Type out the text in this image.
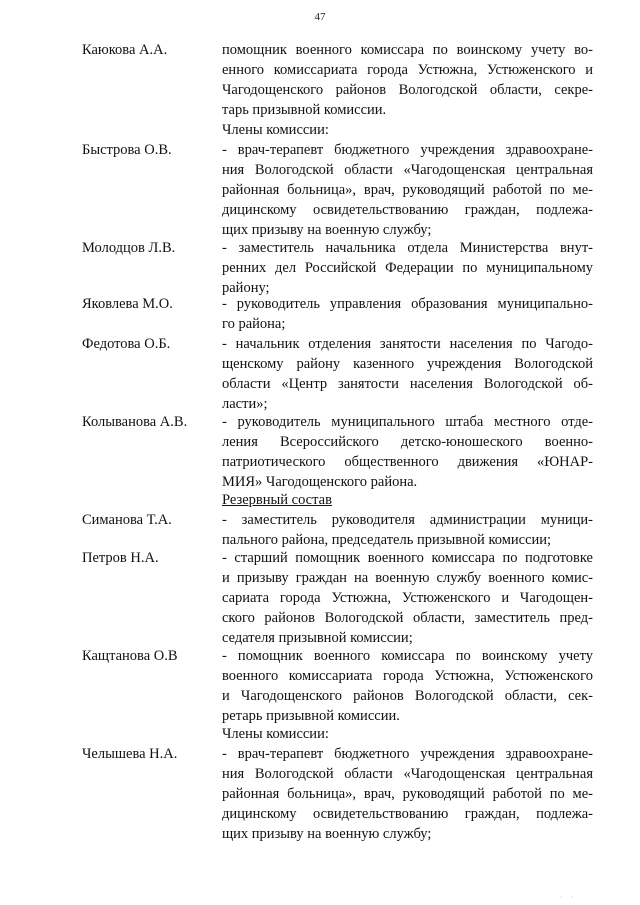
47
Каюкова А.А.	помощник военного комиссара по воинскому учету во-
енного комиссариата города Устюжна, Устюженского и
Чагодощенского районов Вологодской области, секре-
тарь призывной комиссии.
Быстрова О.В.	- врач-терапевт бюджетного учреждения здравоохране-
ния Вологодской области «Чагодощенская центральная
районная больница», врач, руководящий работой по ме-
дицинскому освидетельствованию граждан, подлежа-
щих призыву на военную службу;
Молодцов Л.В.	- заместитель начальника отдела Министерства внут-
ренних дел Российской Федерации по муниципальному
району;
Яковлева М.О.	- руководитель управления образования муниципально-
го района;
Федотова О.Б.	- начальник отделения занятости населения по Чагодо-
щенскому району казенного учреждения Вологодской
области «Центр занятости населения Вологодской об-
ласти»;
Колыванова А.В. - руководитель муниципального штаба местного отде-
ления Всероссийского детско-юношеского военно-
патриотического общественного движения «ЮНАР-
МИЯ» Чагодощенского района.
Симанова Т.А.	- заместитель руководителя администрации муници-
пального района, председатель призывной комиссии;
Петров Н.А.	- старший помощник военного комиссара по подготовке
и призыву граждан на военную службу военного комис-
сариата города Устюжна, Устюженского и Чагодощен-
ского районов Вологодской области, заместитель пред-
седателя призывной комиссии;
Кащтанова О.В	- помощник военного комиссара по воинскому учету
военного комиссариата города Устюжна, Устюженского
и Чагодощенского районов Вологодской области, сек-
ретарь призывной комиссии.
Челышева Н.А.	- врач-терапевт бюджетного учреждения здравоохране-
ния Вологодской области «Чагодощенская центральная
районная больница», врач, руководящий работой по ме-
дицинскому освидетельствованию граждан, подлежа-
щих призыву на военную службу;
Члены комиссии:
Резервный состав
Члены комиссии:
· ·
